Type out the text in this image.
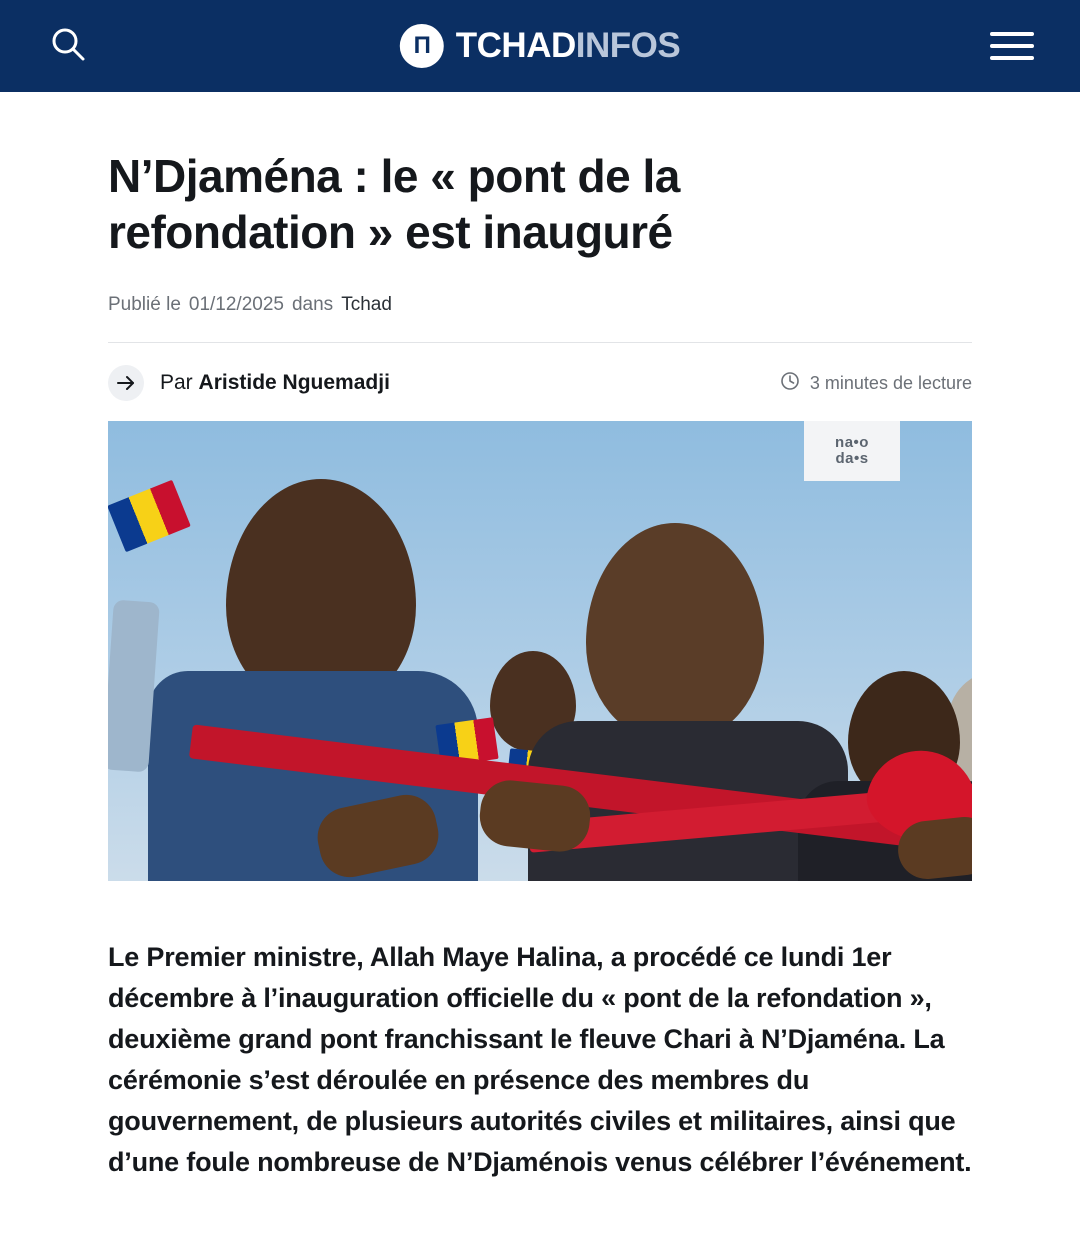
П TCHADINFOS
N’Djaména : le « pont de la refondation » est inauguré
Publié le 01/12/2025 dans Tchad
Par Aristide Nguemadji	3 minutes de lecture
na•o
da•s

Le Premier ministre, Allah Maye Halina, a procédé ce lundi 1er décembre à l’inauguration officielle du « pont de la refondation », deuxième grand pont franchissant le fleuve Chari à N’Djaména. La cérémonie s’est déroulée en présence des membres du gouvernement, de plusieurs autorités civiles et militaires, ainsi que d’une foule nombreuse de N’Djaménois venus célébrer l’événement.
